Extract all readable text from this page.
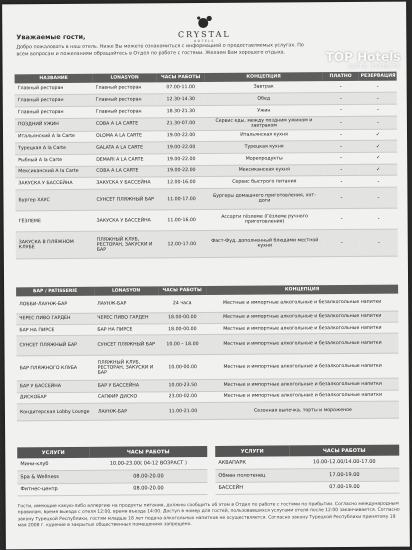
CRYSTAL
HOTELS
Уважаемые гости,
Добро пожаловать в наш отель. Ниже Вы можете ознакомиться с информацией о предоставляемых услугах. По всем вопросам и пожеланиям обращайтесь в Отдел по работе с гостями. Желаем Вам хорошего отдыха.	TOP Hotels
ФОТО ТУРИСТА
НАЗВАНИЕ	LONASYON	ЧАСЫ РАБОТЫ	КОНЦЕПЦИЯ	ПЛАТНО	РЕЗЕРВАЦИЯ
Главный ресторан	Главный ресторан	07.00-11.00	Завтрак	-	-
Главный ресторан	Главный ресторан	12.30-14.30	Обед	-	-
Главный ресторан	Главный ресторан	18.30-21.30	Ужин	-	-
ПОЗДНИЙ УЖИН	COBA A LA CARTE	21.30-07.00	Сервис еды, между поздним ужином и завтраком	-	-
Итальянский A la Carte	OLOMA A LA CARTE	19.00-22.00	Итальянская кухня	-	✓
Турецкая A la Carte	GALATA A LA CARTE	19.00-22.00	Турецкая кухня	-	✓
Рыбный A la Carte	DEMARI A LA CARTE	19.00-22.00	Морепродукты	-	✓
Мексиканский A la Carte	COBA A LA CARTE	19.00-22.00	Мексиканская кухня	-	✓
ЗАКУСКА У БАССЕЙНА	ЗАКУСКА У БАССЕЙНА	12.00-16.00	Сервис быстрого питания	-	-
Бургер ХАУС	СУНСЕТ ПЛЯЖНЫЙ БАР	11.00-17.00	Бургеры домашнего приготовления, хот-доги	-	-
ГЁЗЛЕМЕ	ЗАКУСКА У БАССЕЙНА	11.00-16.00	Ассорти гёзлеме (Гёзлеме ручного приготовления)	-	-
ЗАКУСКА В ПЛЯЖНОМ КЛУБЕ	ПЛЯЖНЫЙ КЛУБ, РЕСТОРАН, ЗАКУСКИ И БАР	12.00-17.00	Фаст-Фуд, дополненный блюдами местной кухни	-	-
БАР / PATISSERIE	LONASYON	ЧАСЫ РАБОТЫ	КОНЦЕПЦИЯ
ЛОББИ-ЛАУНЖ-БАР	ЛАУНЖ-БАР	24 часа	Местные и импортные алкогольные и безалкогольные напитки
ЧЕРЕС ПИВО ГАРДЕН	ЧЕРЕС ПИВО ГАРДЕН	18.00-00.00	Местные и импортные алкогольные и безалкогольные напитки
БАР НА ПИРСЕ	БАР НА ПИРСЕ	18.00-00.00	Местные и импортные алкогольные и безалкогольные напитки
СУНСЕТ ПЛЯЖНЫЙ БАР	СУНСЕТ ПЛЯЖНЫЙ БАР	10.00 – 18.00	Местные и импортные алкогольные и безалкогольные напитки
БАР ПЛЯЖНОГО КЛУБА	ПЛЯЖНЫЙ КЛУБ, РЕСТОРАН, ЗАКУСКИ И БАР	10.00-00.00	Местные и импортные алкогольные и безалкогольные напитки
БАР У БАССЕЙНА	БАР У БАССЕЙНА	10.00-23.50	Местные и импортные алкогольные и безалкогольные напитки
ДИСКОБАР	САПФИР ДИСКО	23.00-02.00	Местные и импортные алкогольные и безалкогольные напитки
Кондитерская Lobby Lounge	ЛАУНЖ-БАР	11.00-21.00	Сезонная выпечка, торты и мороженое
УСЛУГИ	ЧАСЫ РАБОТЫ
Мини-клуб	10.00-23.00( 04-12 ВОЗРАСТ )
Spa & Wellness	08.00-20.00
Фитнес-центр	08.00-20.00
УСЛУГИ	ЧАСЫ РАБОТЫ
АКВАПАРК	10.00-12.00/14.00-17.00
Обмен полотенец	17.00-19.00
БАССЕЙН	07.00-19.00
Гости, имеющие какую-либо аллергию на продукты питания, должны сообщить об этом в Отдел по работе с гостями по прибытии. Согласно международным правилам, время выезда с отеля 12:00, время въезда 14:00. Доступ в номер для гостей, пользовавшихся услугами отеля после 12:00 заканчивается. Согласно закону Турецкой Республики, гостям младше 18 лет подача алкогольных напитков не осуществляется. Согласно закону Турецкой Республики принятому 19 мая 2008 г. курение в закрытых общественных помещениях запрещено.
